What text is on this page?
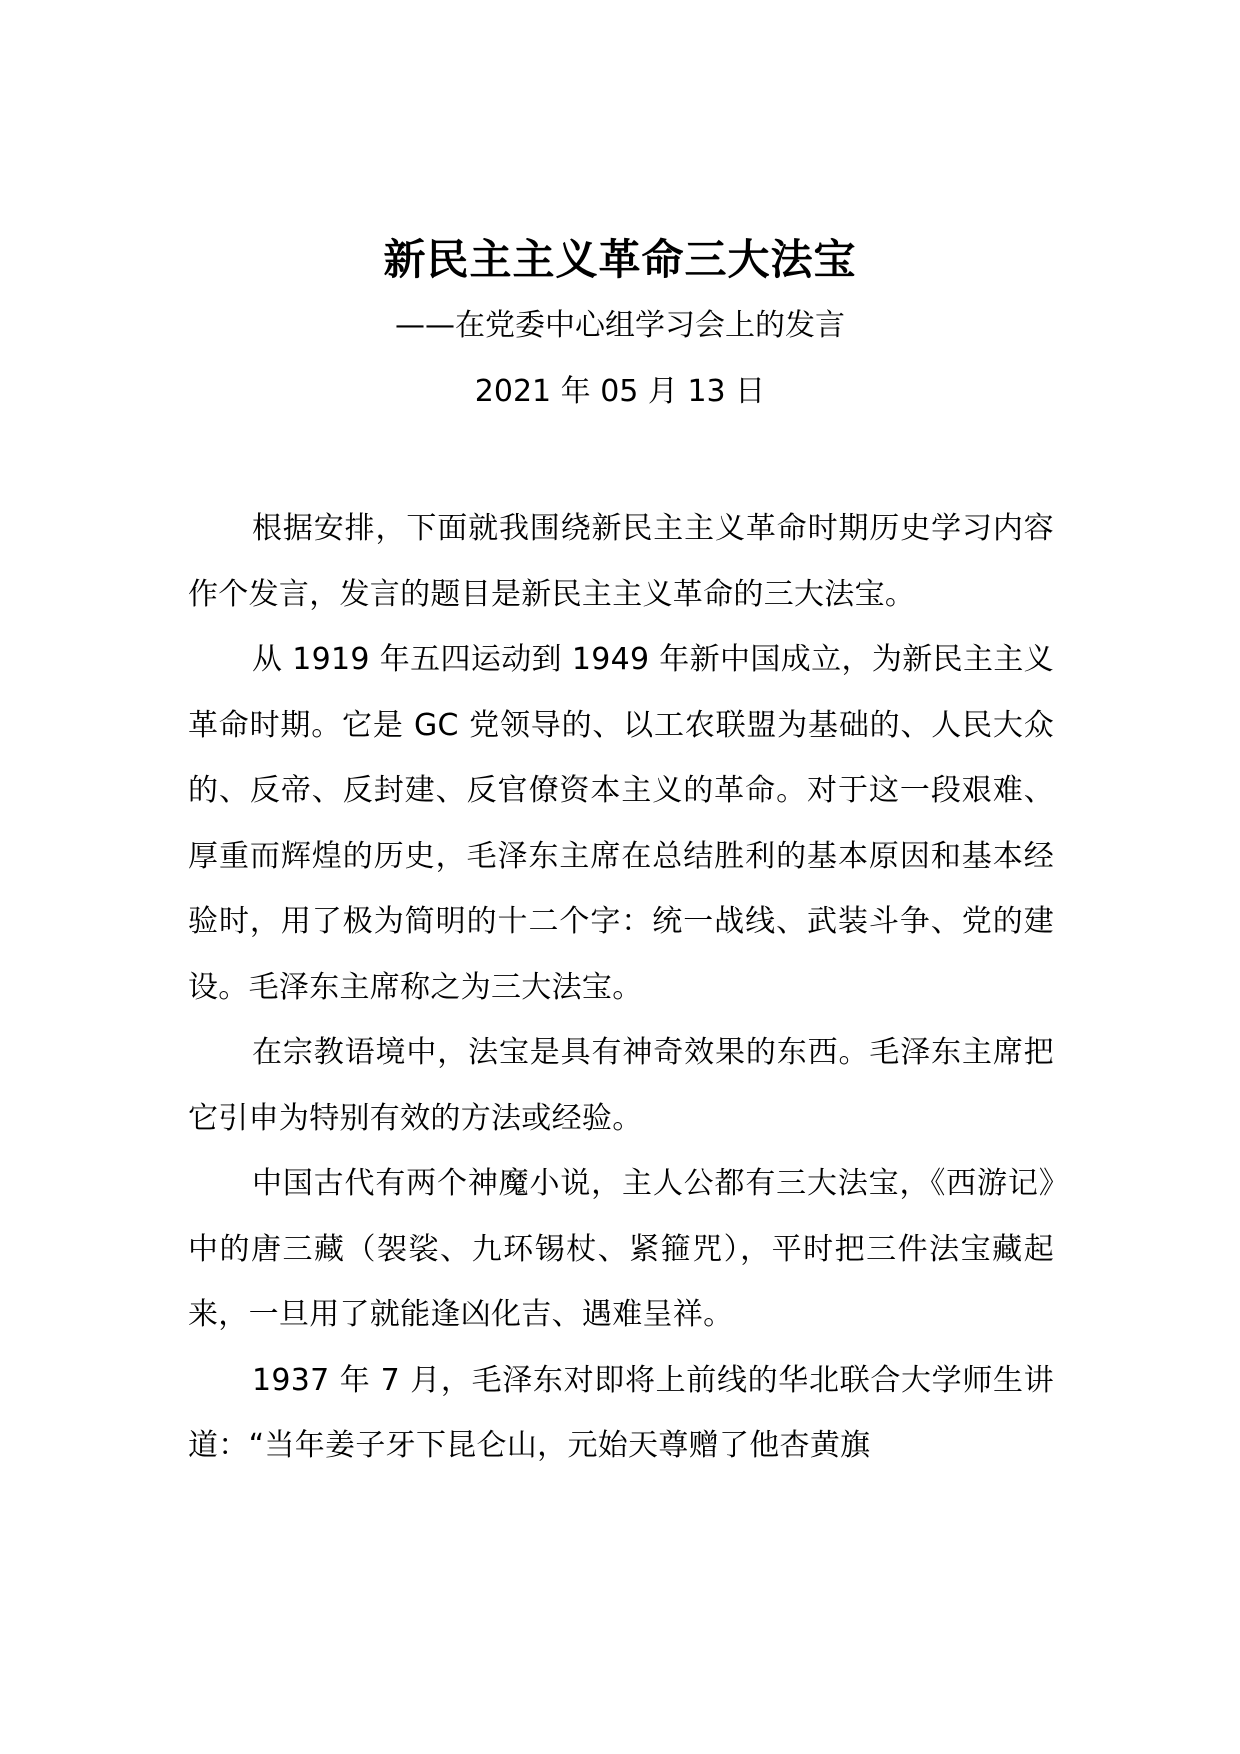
新民主主义革命三大法宝
——在党委中心组学习会上的发言
2021 年 05 月 13 日

根据安排，下面就我围绕新民主主义革命时期历史学习内容作个发言，发言的题目是新民主主义革命的三大法宝。

从 1919 年五四运动到 1949 年新中国成立，为新民主主义革命时期。它是 GC 党领导的、以工农联盟为基础的、人民大众的、反帝、反封建、反官僚资本主义的革命。对于这一段艰难、厚重而辉煌的历史，毛泽东主席在总结胜利的基本原因和基本经验时，用了极为简明的十二个字：统一战线、武装斗争、党的建设。毛泽东主席称之为三大法宝。

在宗教语境中，法宝是具有神奇效果的东西。毛泽东主席把它引申为特别有效的方法或经验。

中国古代有两个神魔小说，主人公都有三大法宝，《西游记》中的唐三藏（袈裟、九环锡杖、紧箍咒），平时把三件法宝藏起来，一旦用了就能逢凶化吉、遇难呈祥。

1937 年 7 月，毛泽东对即将上前线的华北联合大学师生讲道：“当年姜子牙下昆仑山，元始天尊赠了他杏黄旗
